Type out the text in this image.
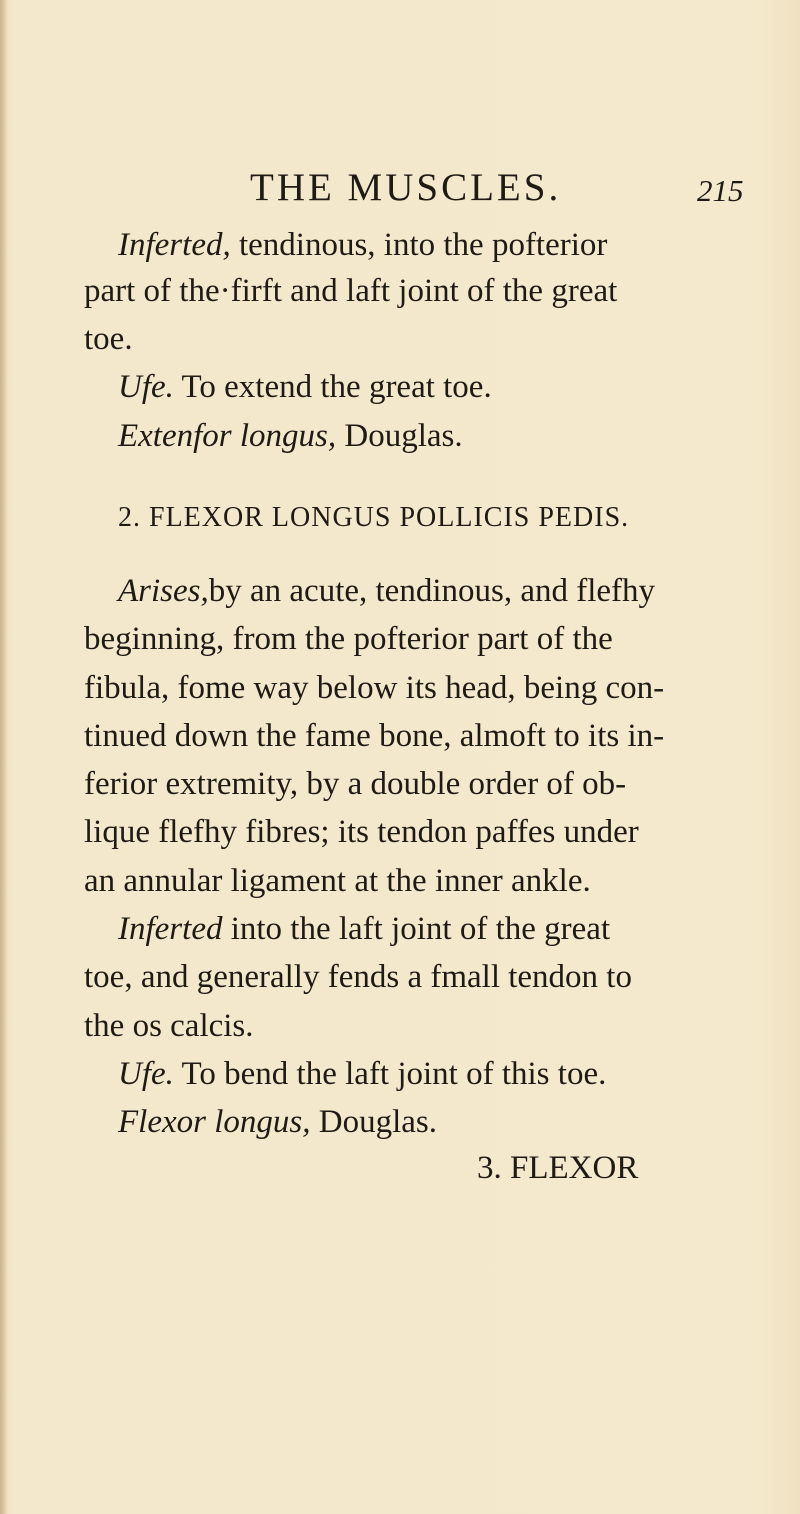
THE MUSCLES.	215
Inferted, tendinous, into the pofterior
part of the·firft and laft joint of the great
toe.
Ufe. To extend the great toe.
Extenfor longus, Douglas.
2. FLEXOR LONGUS POLLICIS PEDIS.
Arises,by an acute, tendinous, and flefhy
beginning, from the pofterior part of the
fibula, fome way below its head, being con-
tinued down the fame bone, almoft to its in-
ferior extremity, by a double order of ob-
lique flefhy fibres; its tendon paffes under
an annular ligament at the inner ankle.
Inferted into the laft joint of the great
toe, and generally fends a fmall tendon to
the os calcis.
Ufe. To bend the laft joint of this toe.
Flexor longus, Douglas.
3. FLEXOR
